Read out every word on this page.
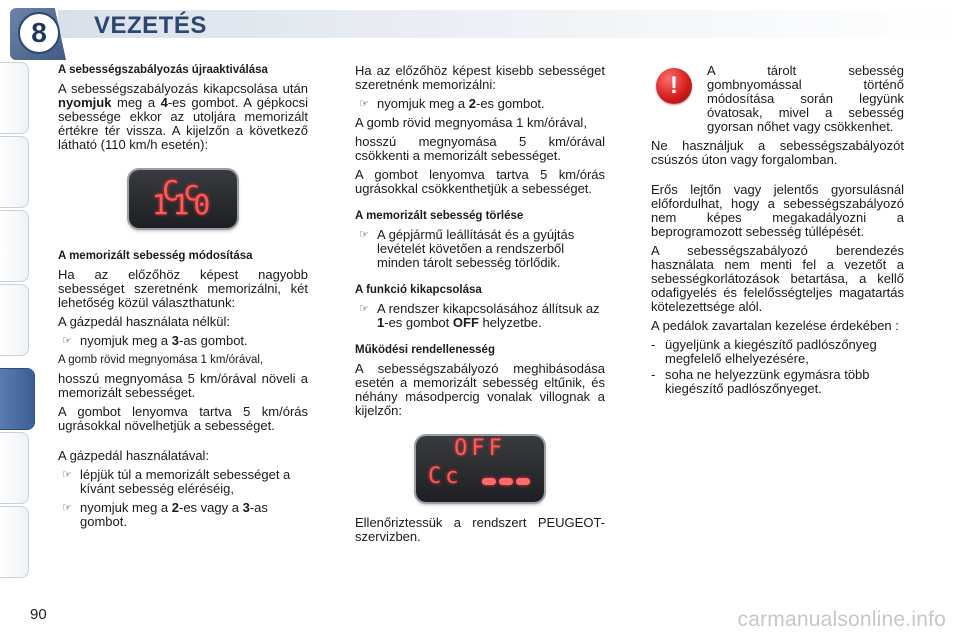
8	VEZETÉS
A sebességszabályozás újraaktiválása

A sebességszabályozás kikapcsolása után nyomjuk meg a 4-es gombot. A gépkocsi sebessége ekkor az utoljára memorizált értékre tér vissza. A kijelzőn a következő látható (110 km/h esetén):

Cc 110
A memorizált sebesség módosítása

Ha az előzőhöz képest nagyobb sebességet szeretnénk memorizálni, két lehetőség közül választhatunk:

A gázpedál használata nélkül:

☞ nyomjuk meg a 3-as gombot.

A gomb rövid megnyomása 1 km/órával,

hosszú megnyomása 5 km/órával növeli a memorizált sebességet.

A gombot lenyomva tartva 5 km/órás ugrásokkal növelhetjük a sebességet.

A gázpedál használatával:

☞ lépjük túl a memorizált sebességet a kívánt sebesség eléréséig,
☞ nyomjuk meg a 2-es vagy a 3-as gombot.

Ha az előzőhöz képest kisebb sebességet szeretnénk memorizálni:

☞ nyomjuk meg a 2-es gombot.

A gomb rövid megnyomása 1 km/órával,

hosszú megnyomása 5 km/órával csökkenti a memorizált sebességet.

A gombot lenyomva tartva 5 km/órás ugrásokkal csökkenthetjük a sebességet.

A memorizált sebesség törlése
☞ A gépjármű leállítását és a gyújtás levételét követően a rendszerből minden tárolt sebesség törlődik.
A funkció kikapcsolása
☞ A rendszer kikapcsolásához állítsuk az 1-es gombot OFF helyzetbe.
Működési rendellenesség

A sebességszabályozó meghibásodása esetén a memorizált sebesség eltűnik, és néhány másodpercig vonalak villognak a kijelzőn:

OFF
Cc

Ellenőriztessük a rendszert PEUGEOT-szervizben.

!

A tárolt sebesség gombnyomással történő módosítása során legyünk óvatosak, mivel a sebesség gyorsan nőhet vagy csökkenhet.

Ne használjuk a sebességszabályozót csúszós úton vagy forgalomban.

Erős lejtőn vagy jelentős gyorsulásnál előfordulhat, hogy a sebességszabályozó nem képes megakadályozni a beprogramozott sebesség túllépését.

A sebességszabályozó berendezés használata nem menti fel a vezetőt a sebességkorlátozások betartása, a kellő odafigyelés és felelősségteljes magatartás kötelezettsége alól.

A pedálok zavartalan kezelése érdekében :

- ügyeljünk a kiegészítő padlószőnyeg megfelelő elhelyezésére,
- soha ne helyezzünk egymásra több kiegészítő padlószőnyeget.
90	carmanualsonline.info
